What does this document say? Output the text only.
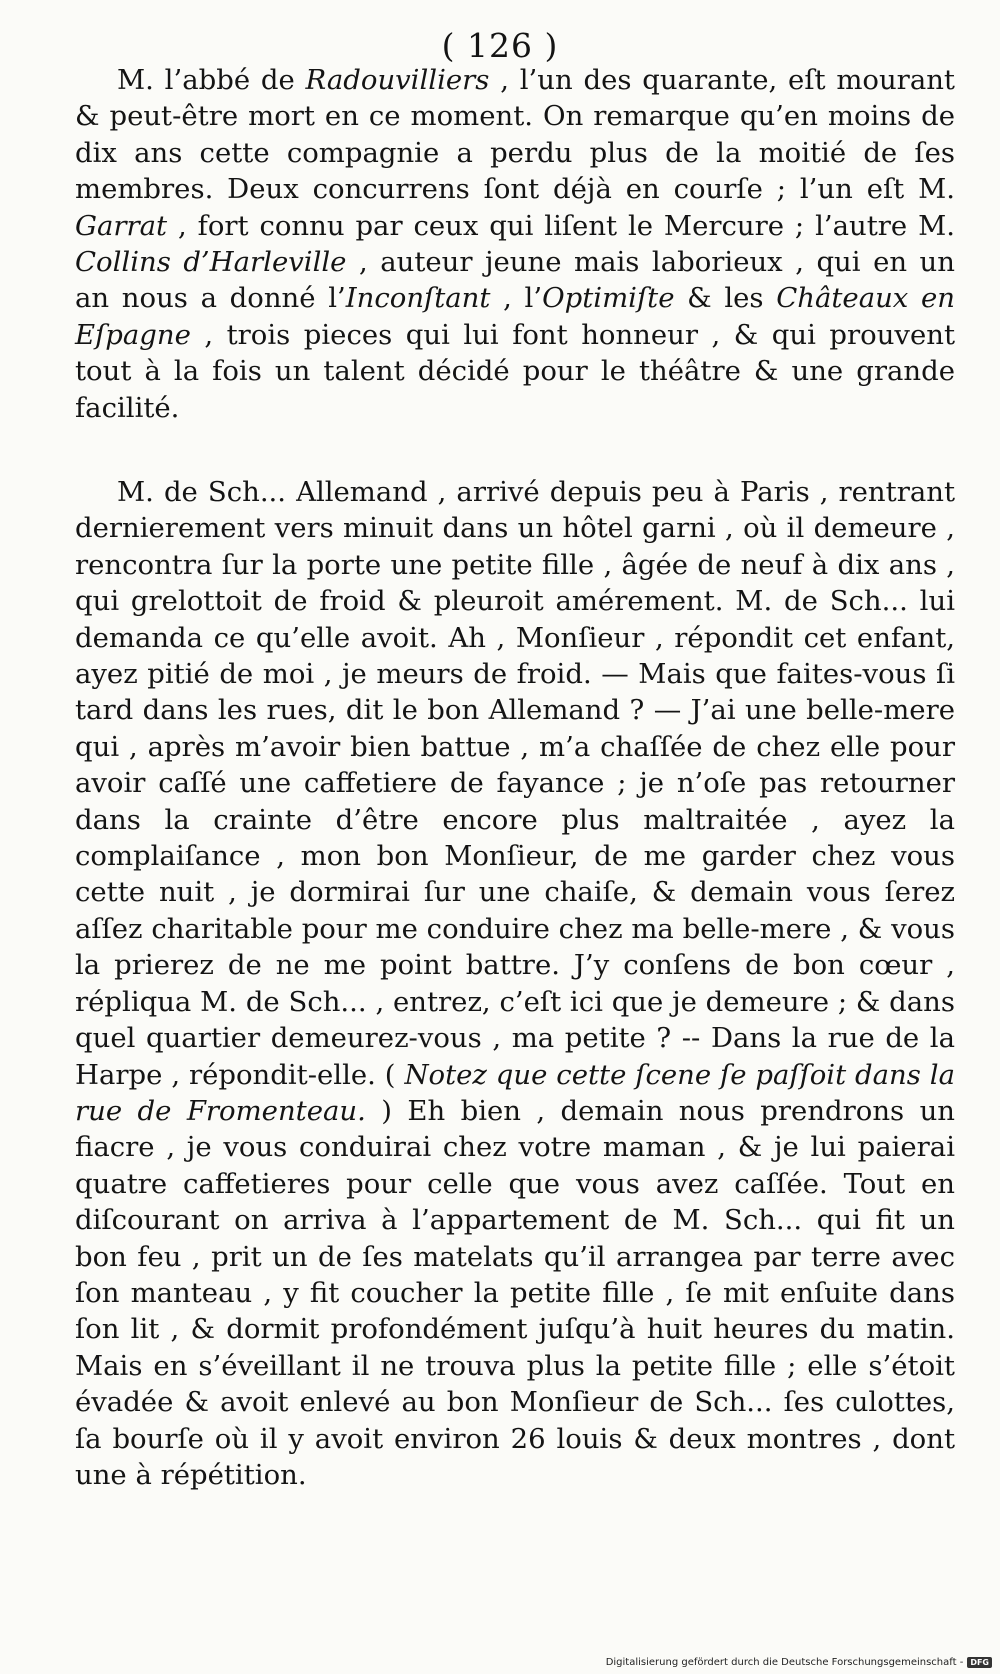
( 126 )

M. l’abbé de Radouvilliers , l’un des quarante, eſt mourant & peut-être mort en ce moment. On remarque qu’en moins de dix ans cette compagnie a perdu plus de la moitié de ſes membres. Deux concurrens ſont déjà en courſe ; l’un eſt M. Garrat , fort connu par ceux qui liſent le Mercure ; l’autre M. Collins d’Harleville , auteur jeune mais laborieux , qui en un an nous a donné l’Inconſtant , l’Optimiſte & les Châteaux en Eſpagne , trois pieces qui lui font honneur , & qui prouvent tout à la fois un talent décidé pour le théâtre & une grande facilité.

M. de Sch... Allemand , arrivé depuis peu à Paris , rentrant dernierement vers minuit dans un hôtel garni , où il demeure , rencontra ſur la porte une petite fille , âgée de neuf à dix ans , qui grelottoit de froid & pleuroit amérement. M. de Sch... lui demanda ce qu’elle avoit. Ah , Monſieur , répondit cet enfant, ayez pitié de moi , je meurs de froid. — Mais que faites-vous ſi tard dans les rues, dit le bon Allemand ? — J’ai une belle-mere qui , après m’avoir bien battue , m’a chaſſée de chez elle pour avoir caſſé une caffetiere de fayance ; je n’oſe pas retourner dans la crainte d’être encore plus maltraitée , ayez la complaiſance , mon bon Monſieur, de me garder chez vous cette nuit , je dormirai ſur une chaiſe, & demain vous ſerez aſſez charitable pour me conduire chez ma belle-mere , & vous la prierez de ne me point battre. J’y conſens de bon cœur , répliqua M. de Sch... , entrez, c’eſt ici que je demeure ; & dans quel quartier demeurez-vous , ma petite ? -- Dans la rue de la Harpe , répondit-elle. ( Notez que cette ſcene ſe paſſoit dans la rue de Fromenteau. ) Eh bien , demain nous prendrons un fiacre , je vous conduirai chez votre maman , & je lui paierai quatre caffetieres pour celle que vous avez caſſée. Tout en diſcourant on arriva à l’appartement de M. Sch... qui fit un bon feu , prit un de ſes matelats qu’il arrangea par terre avec ſon manteau , y fit coucher la petite fille , ſe mit enſuite dans ſon lit , & dormit profondément juſqu’à huit heures du matin. Mais en s’éveillant il ne trouva plus la petite fille ; elle s’étoit évadée & avoit enlevé au bon Monſieur de Sch... ſes culottes, ſa bourſe où il y avoit environ 26 louis & deux montres , dont une à répétition.

Digitalisierung gefördert durch die Deutsche Forschungsgemeinschaft - DFG
